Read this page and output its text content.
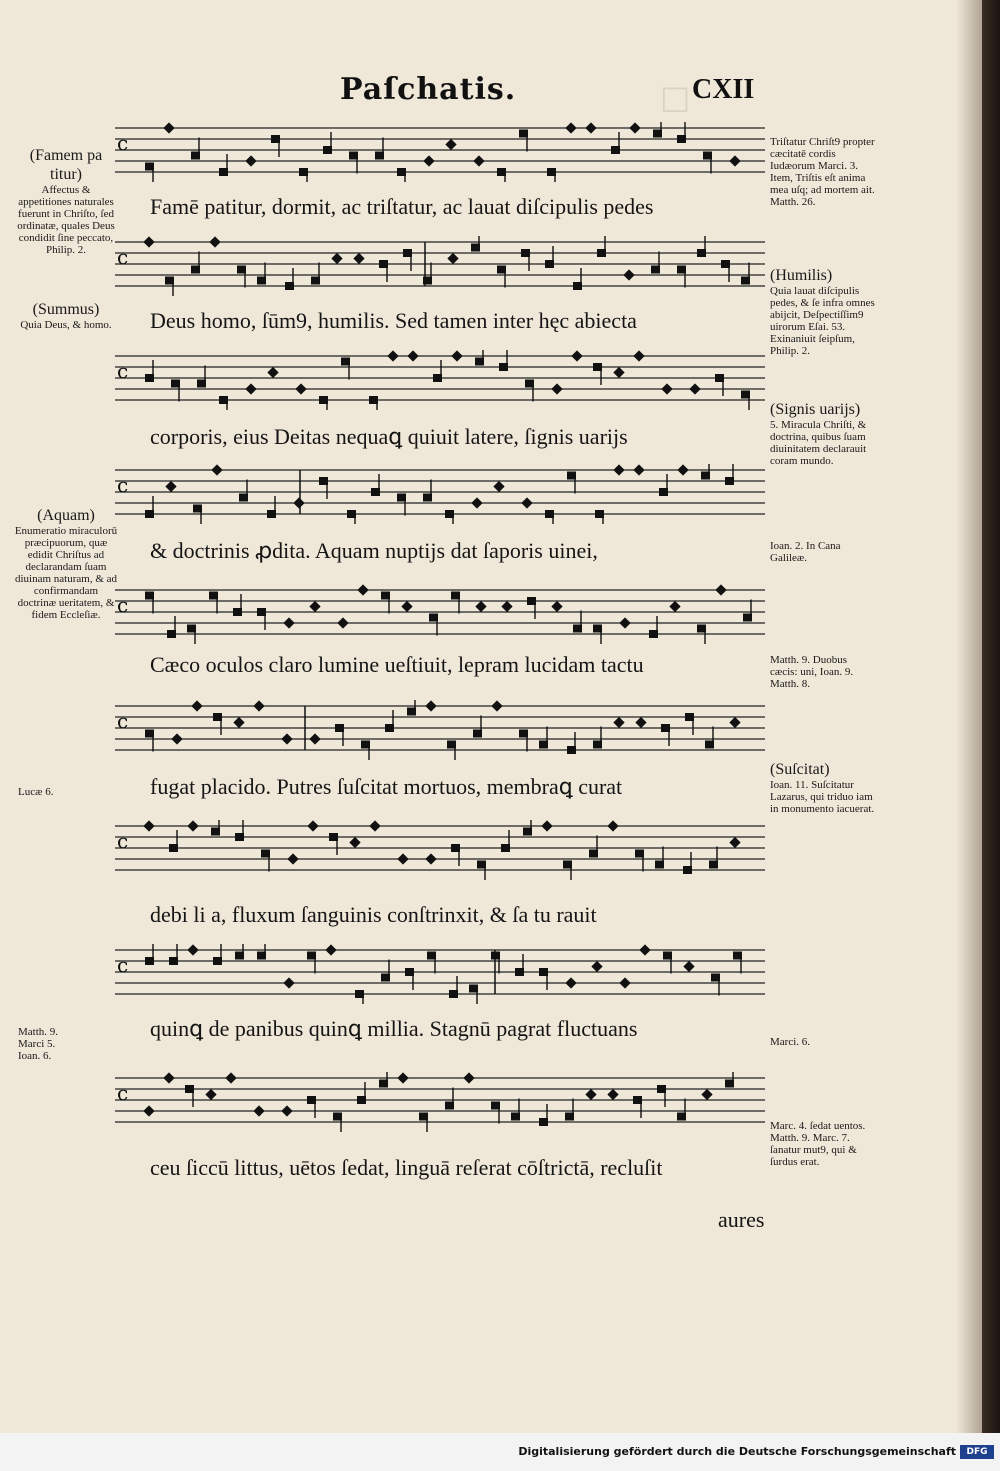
□
Paſchatis.	CXII
c
c
c
c
c
c
c
c
c
Famē patitur, dormit, ac triſtatur, ac lauat diſcipulis pedes
Deus homo, ſūm9, humilis. Sed tamen inter hęc abiecta
corporis, eius Deitas nequaꝗ quiuit latere, ſignis uarijs
& doctrinis ꝓdita. Aquam nuptijs dat ſaporis uinei,
Cæco oculos claro lumine ueſtiuit, lepram lucidam tactu
fugat placido. Putres ſuſcitat mortuos, membraꝗ curat
debi li a, fluxum ſanguinis conſtrinxit, & ſa tu rauit
quinꝗ de panibus quinꝗ millia. Stagnū pagrat fluctuans
ceu ſiccū littus, uētos ſedat, linguā reſerat cōſtrictā, recluſit
aures
(Famem pa titur)
Affectus & appetitiones naturales fuerunt in Chriſto, ſed ordinatæ, quales Deus condidit ſine peccato, Philip. 2.
(Summus)
Quia Deus, & homo.
(Aquam)
Enumeratio miraculorū præcipuorum, quæ edidit Chriſtus ad declarandam ſuam diuinam naturam, & ad confirmandam doctrinæ ueritatem, & fidem Eccleſiæ.
Lucæ 6.
Matth. 9. Marci 5. Ioan. 6.
Triſtatur Chriſt9 propter cæcitatē cordis Iudæorum Marci. 3. Item, Triſtis eſt anima mea uſq; ad mortem ait. Matth. 26.
(Humilis)
Quia lauat diſcipulis pedes, & ſe infra omnes abijcit, Deſpectiſſim9 uirorum Eſai. 53. Exinaniuit ſeipſum, Philip. 2.
(Signis uarijs)
5. Miracula Chriſti, & doctrina, quibus ſuam diuinitatem declarauit coram mundo.
Ioan. 2. In Cana Galileæ.
Matth. 9. Duobus cæcis: uni, Ioan. 9. Matth. 8.
(Suſcitat)
Ioan. 11. Suſcitatur Lazarus, qui triduo iam in monumento iacuerat.
Marci. 6.
Marc. 4. ſedat uentos. Matth. 9. Marc. 7. ſanatur mut9, qui & ſurdus erat.
Digitalisierung gefördert durch die Deutsche Forschungsgemeinschaft	DFG
